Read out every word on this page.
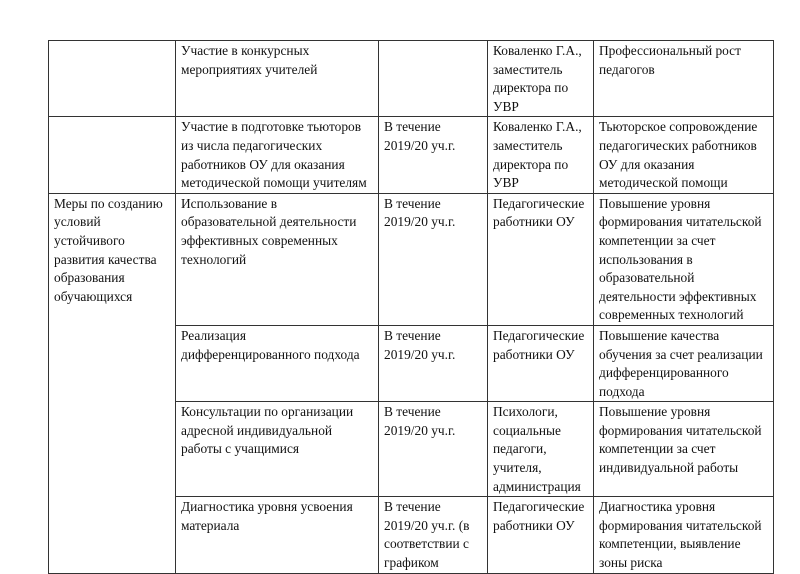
	Участие в конкурсных мероприятиях учителей		Коваленко Г.А., заместитель директора по УВР	Профессиональный рост педагогов
	Участие в подготовке тьюторов из числа педагогических работников ОУ для оказания методической помощи учителям	В течение 2019/20 уч.г.	Коваленко Г.А., заместитель директора по УВР	Тьюторское сопровождение педагогических работников ОУ для оказания методической помощи
Меры по созданию условий устойчивого развития качества образования обучающихся	Использование в образовательной деятельности эффективных современных технологий	В течение 2019/20 уч.г.	Педагогические работники ОУ	Повышение уровня формирования читательской компетенции за счет использования в образовательной деятельности эффективных современных технологий
	Реализация дифференцированного подхода	В течение 2019/20 уч.г.	Педагогические работники ОУ	Повышение качества обучения за счет реализации дифференцированного подхода
	Консультации по организации адресной индивидуальной работы с учащимися	В течение 2019/20 уч.г.	Психологи, социальные педагоги, учителя, администрация	Повышение уровня формирования читательской компетенции за счет индивидуальной работы
	Диагностика уровня усвоения материала	В течение 2019/20 уч.г. (в соответствии с графиком	Педагогические работники ОУ	Диагностика уровня формирования читательской компетенции, выявление зоны риска
